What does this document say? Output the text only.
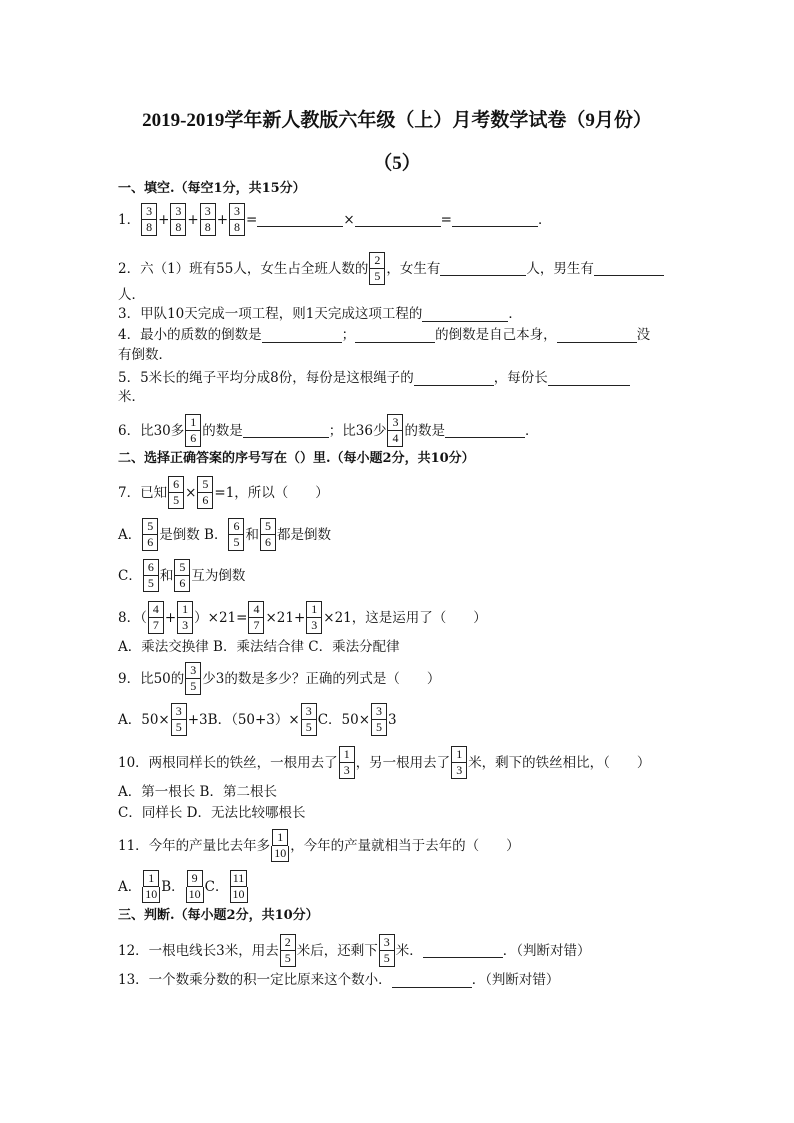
2019-2019学年新人教版六年级（上）月考数学试卷（9月份）
（5）
一、填空.（每空1分，共15分）
1． $\frac{3}{8} + \frac{3}{8} + \frac{3}{8} + \frac{3}{8}$ =	×	=	．
2．六（1）班有55人，女生占全班人数的 $\frac{2}{5}$ ，女生有	人，男生有
人．
3．甲队10天完成一项工程，则1天完成这项工程的	．
4．最小的质数的倒数是	；	的倒数是自己本身，	没
有倒数．
5．5米长的绳子平均分成8份，每份是这根绳子的	，每份长
米．
6．比30多 $\frac{1}{6}$ 的数是	；比36少 $\frac{3}{4}$ 的数是	．
二、选择正确答案的序号写在（）里.（每小题2分，共10分）
7．已知 $\frac{6}{5} \times \frac{5}{6} =1$，所以（　　）
A． $\frac{5}{6}$ 是倒数 B． $\frac{6}{5}$ 和 $\frac{5}{6}$ 都是倒数
C． $\frac{6}{5}$ 和 $\frac{5}{6}$ 互为倒数
8．（ $\frac{4}{7} + \frac{1}{3} )\times 21= \frac{4}{7} \times 21+ \frac{1}{3} \times 21$，这是运用了（　　）
A．乘法交换律 B．乘法结合律 C．乘法分配律
9．比50的 $\frac{3}{5}$ 少3的数是多少？正确的列式是（　　）
A．$50\times \frac{3}{5} +3B$．$(50+3)\times \frac{3}{5}$ C．$50\times \frac{3}{5} 3$
10．两根同样长的铁丝，一根用去了 $\frac{1}{3}$ ，另一根用去了 $\frac{1}{3}$ 米，剩下的铁丝相比，（　　）
A．第一根长 B．第二根长
C．同样长 D．无法比较哪根长
11．今年的产量比去年多 $\frac{1}{10}$ ，今年的产量就相当于去年的（　　）
A． $\frac{1}{10}$ B． $\frac{9}{10}$ C． $\frac{11}{10}$
三、判断.（每小题2分，共10分）
12．一根电线长3米，用去 $\frac{2}{5}$ 米后，还剩下 $\frac{3}{5}$ 米．	．（判断对错）
13．一个数乘分数的积一定比原来这个数小．	．（判断对错）
